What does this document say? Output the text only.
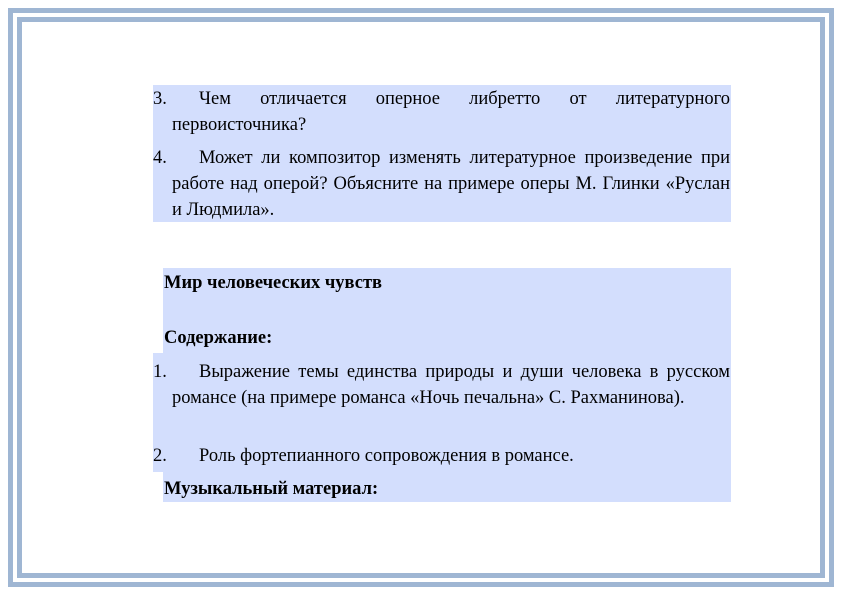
3.	Чем отличается оперное либретто от литературного первоисточника?
4.	Может ли композитор изменять литературное произведение при работе над оперой? Объясните на примере оперы М. Глинки «Руслан и Людмила».
Мир человеческих чувств
Содержание:
1.	Выражение темы единства природы и души человека в русском романсе (на примере романса «Ночь печальна» С. Рахманинова).
2.	Роль фортепианного сопровождения в романсе.
Музыкальный материал:
